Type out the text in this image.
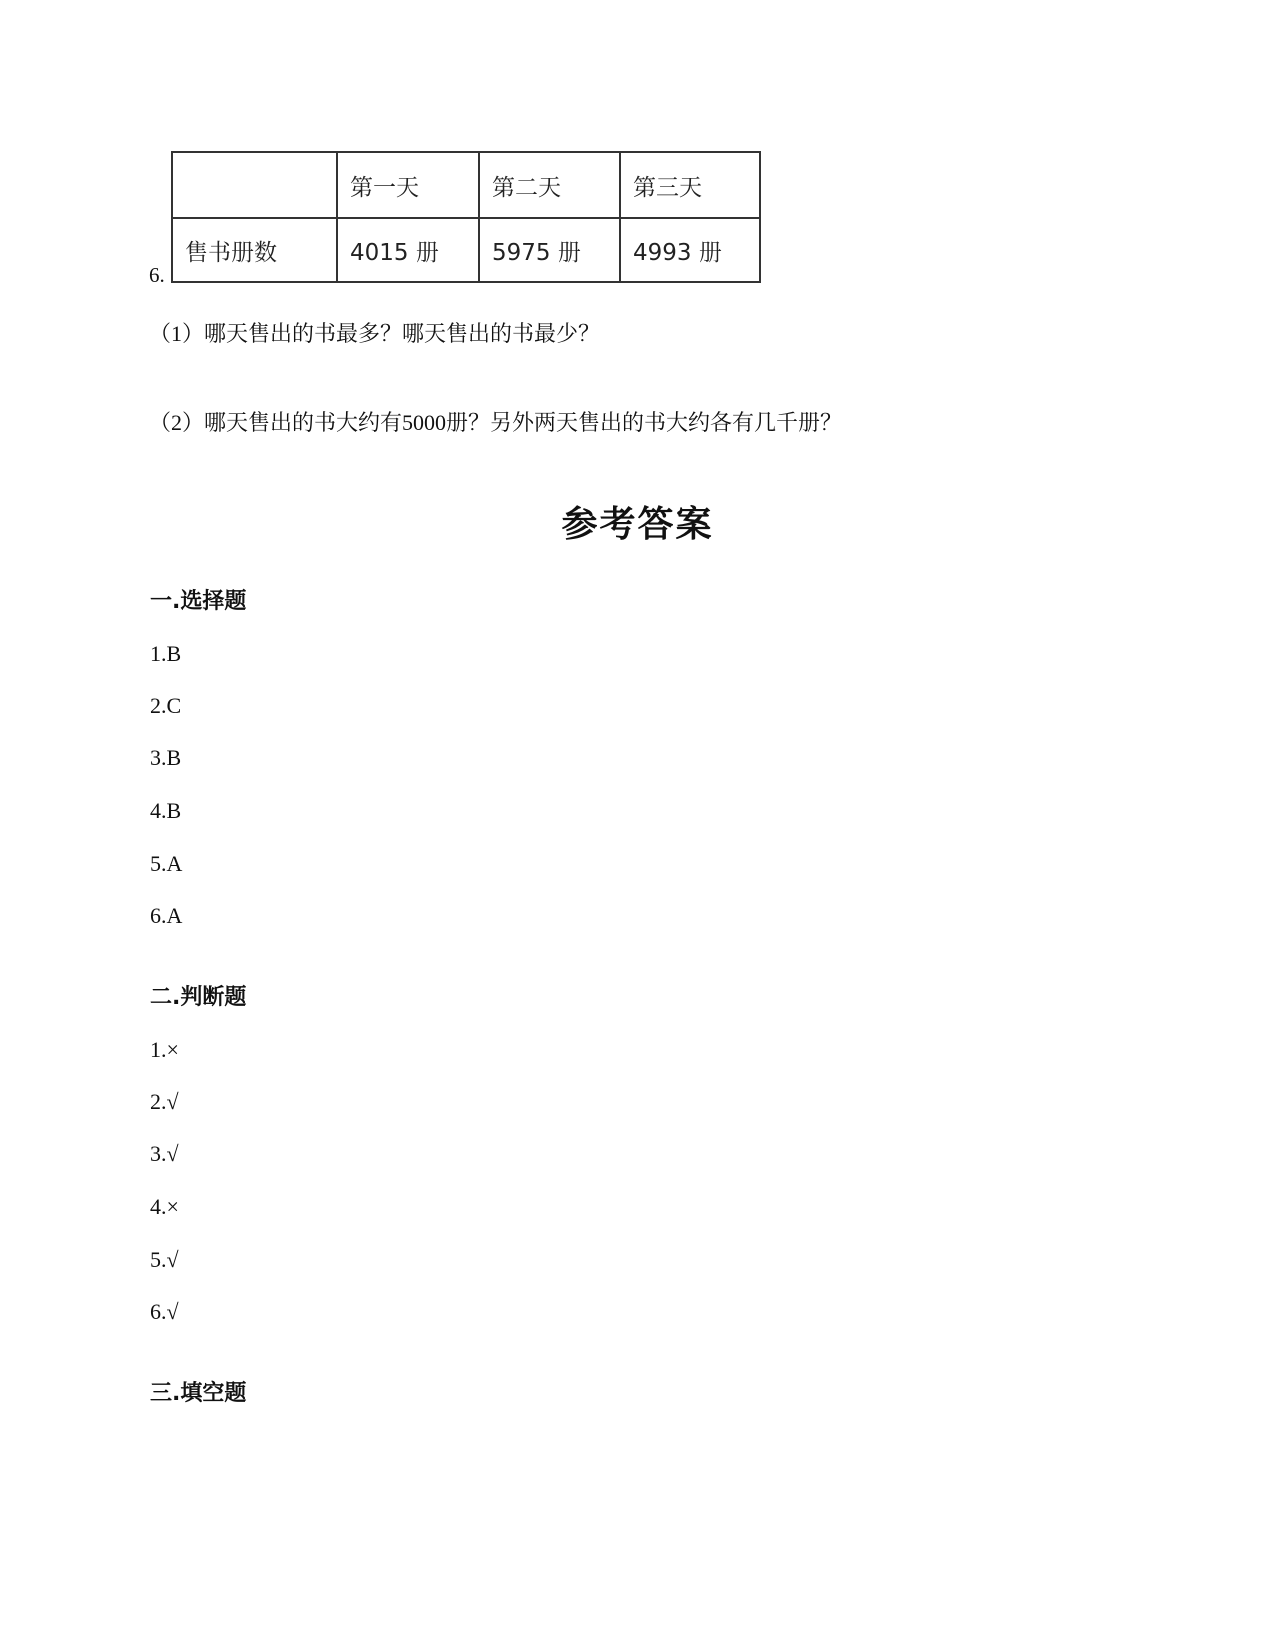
6.
	第一天	第二天	第三天
售书册数	4015 册	5975 册	4993 册
（1）哪天售出的书最多？哪天售出的书最少？
（2）哪天售出的书大约有5000册？另外两天售出的书大约各有几千册？
参考答案
一.选择题
1.B
2.C
3.B
4.B
5.A
6.A
二.判断题
1.×
2.√
3.√
4.×
5.√
6.√
三.填空题
